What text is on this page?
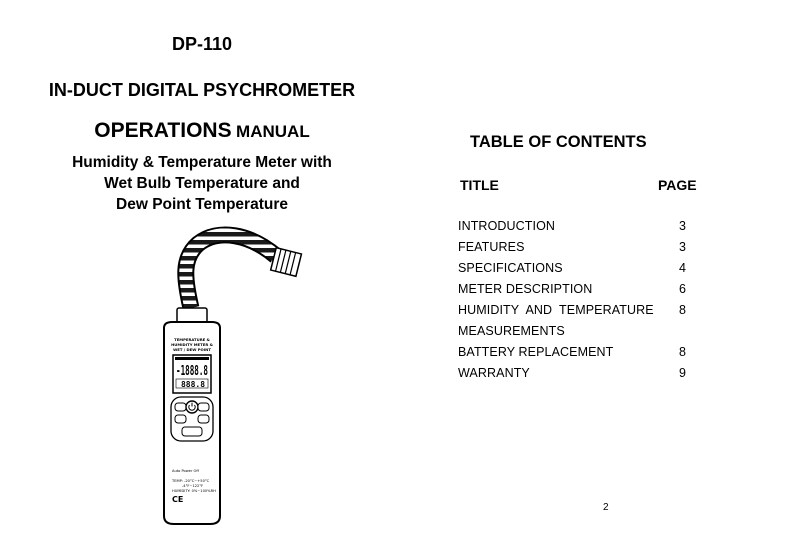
DP-110
IN-DUCT DIGITAL PSYCHROMETER
OPERATIONS MANUAL
Humidity & Temperature Meter with
Wet Bulb Temperature and
Dew Point Temperature
TEMPERATURE &
HUMIDITY METER &
WET / DEW POINT
-1888.8
888.8
Auto Power Off
TEMP: -20°C~+50°C
-4°F~122°F
HUMIDITY: 0%~100%RH
CE
TABLE OF CONTENTS
TITLE	PAGE
INTRODUCTION	3
FEATURES	3
SPECIFICATIONS	4
METER DESCRIPTION	6
HUMIDITY  AND  TEMPERATURE 8
MEASUREMENTS
BATTERY REPLACEMENT	8
WARRANTY	9
2
